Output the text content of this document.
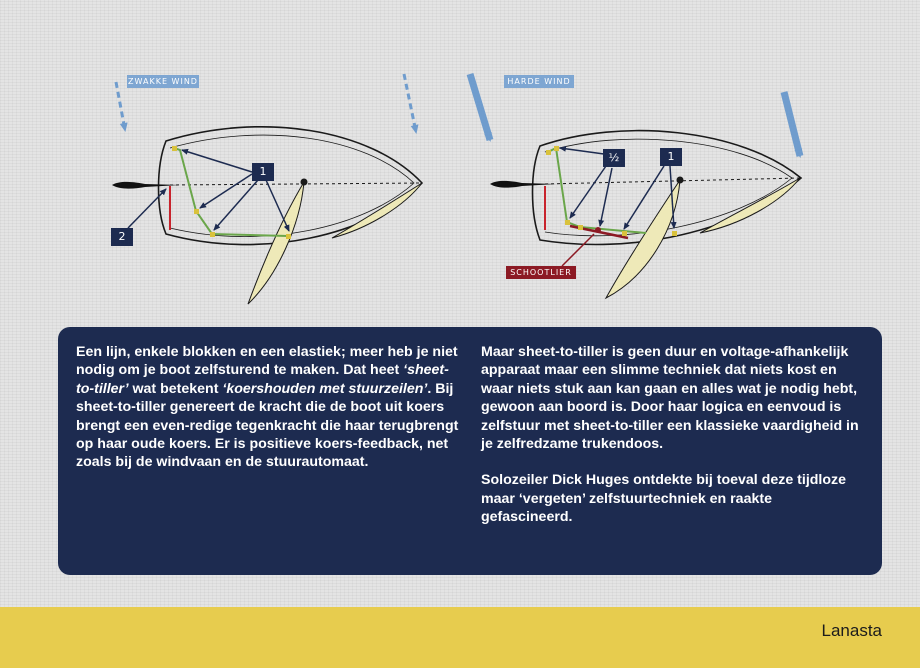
ZWAKKE WIND
1
2
HARDE WIND
½	1
SCHOOTLIER

Een lijn, enkele blokken en een elastiek; meer heb je niet nodig om je boot zelfsturend te maken. Dat heet ‘sheet-to-tiller’ wat betekent ‘koershouden met stuurzeilen’. Bij sheet-to-tiller genereert de kracht die de boot uit koers brengt een even-redige tegenkracht die haar terugbrengt op haar oude koers. Er is positieve koers-feedback, net zoals bij de windvaan en de stuurautomaat.

Maar sheet-to-tiller is geen duur en voltage-afhankelijk apparaat maar een slimme techniek dat niets kost en waar niets stuk aan kan gaan en alles wat je nodig hebt, gewoon aan boord is. Door haar logica en eenvoud is zelfstuur met sheet-to-tiller een klassieke vaardigheid in je zelfredzame trukendoos.

Solozeiler Dick Huges ontdekte bij toeval deze tijdloze maar ‘vergeten’ zelfstuurtechniek en raakte gefascineerd.

Lanasta
